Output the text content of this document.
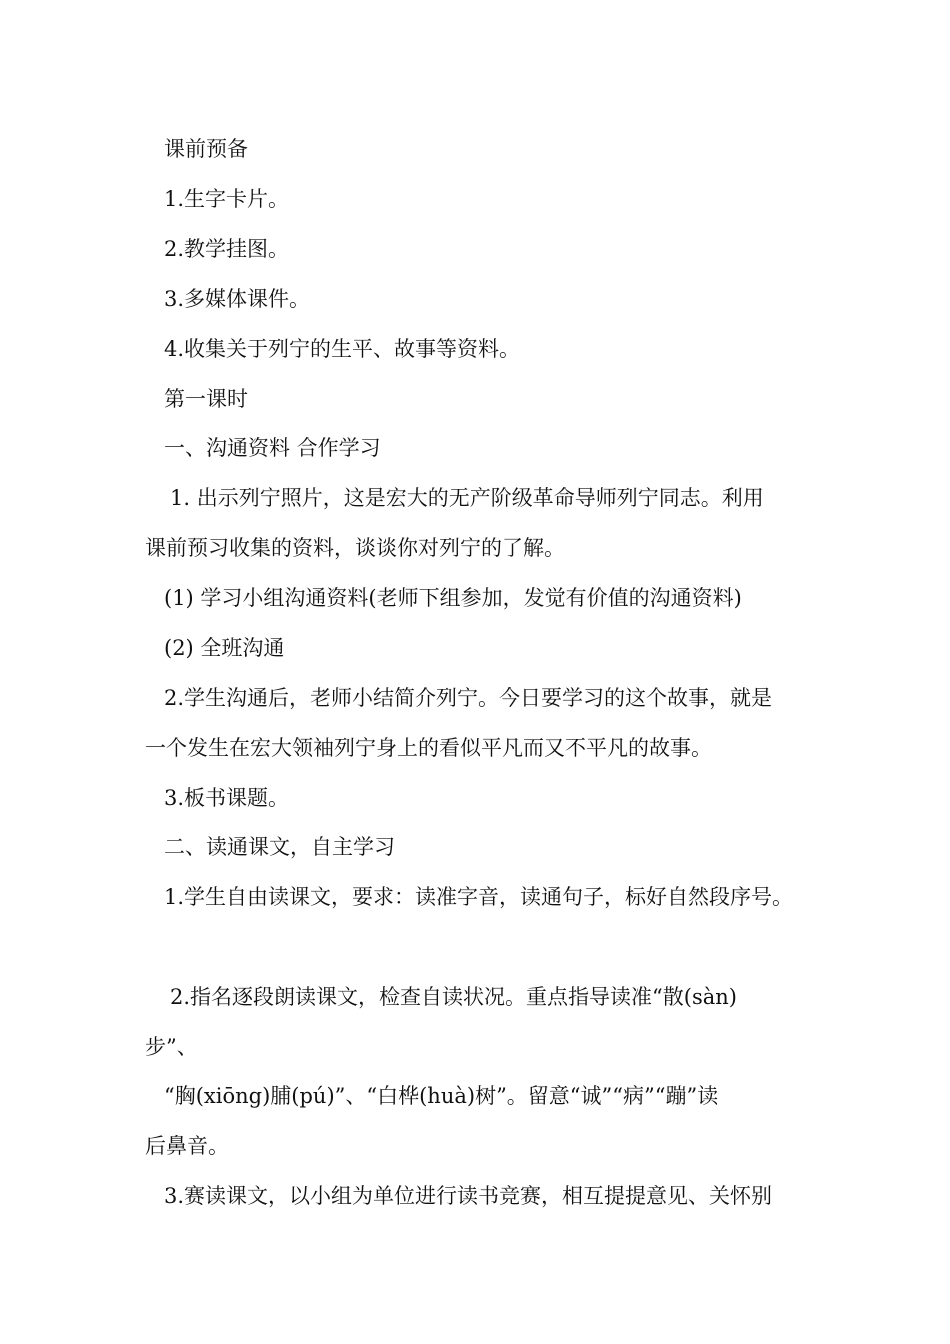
课前预备
1.生字卡片。
2.教学挂图。
3.多媒体课件。
4.收集关于列宁的生平、故事等资料。
第一课时
一、沟通资料 合作学习
1. 出示列宁照片，这是宏大的无产阶级革命导师列宁同志。利用
课前预习收集的资料，谈谈你对列宁的了解。
(1) 学习小组沟通资料(老师下组参加，发觉有价值的沟通资料)
(2) 全班沟通
2.学生沟通后，老师小结简介列宁。今日要学习的这个故事，就是
一个发生在宏大领袖列宁身上的看似平凡而又不平凡的故事。
3.板书课题。
二、读通课文，自主学习
1.学生自由读课文，要求：读准字音，读通句子，标好自然段序号。
2.指名逐段朗读课文，检查自读状况。重点指导读准“散(sàn)
步”、
“胸(xiōng)脯(pú)”、“白桦(huà)树”。留意“诚”“病”“蹦”读
后鼻音。
3.赛读课文，以小组为单位进行读书竞赛，相互提提意见、关怀别
